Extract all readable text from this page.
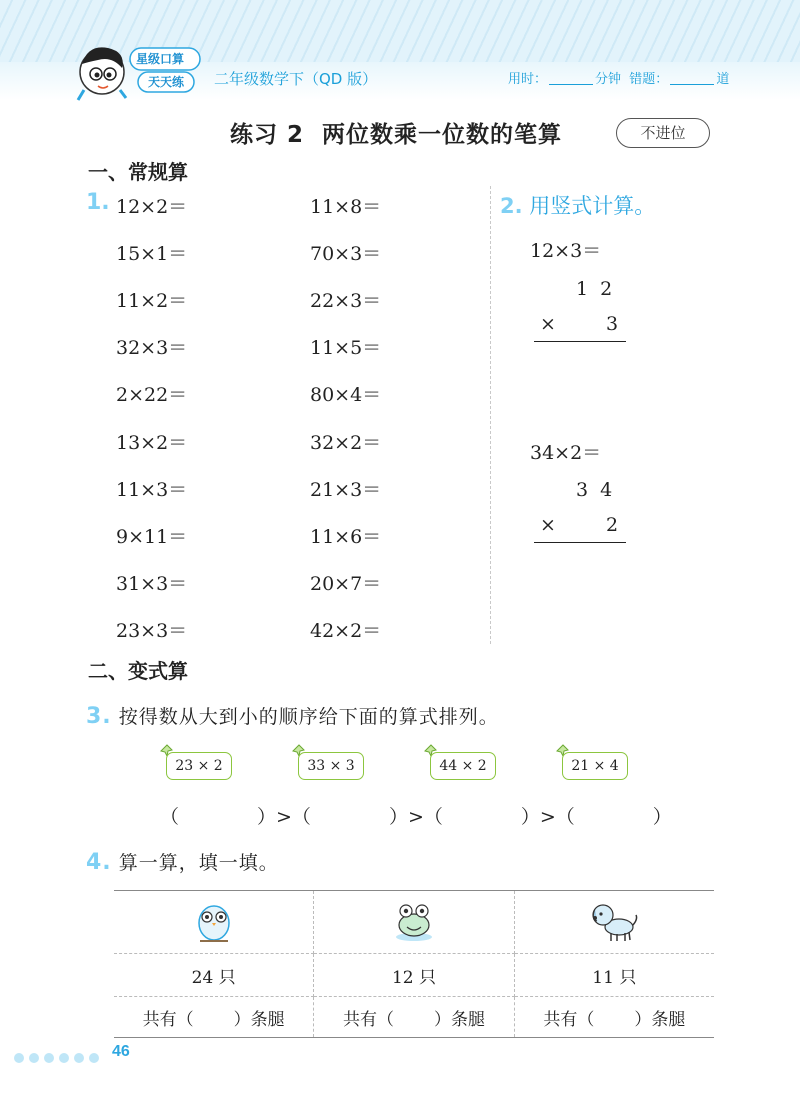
星级口算
天天练 二年级数学下（QD 版）	用时：	分钟 错题：	道
练习 2 两位数乘一位数的笔算	不进位
一、常规算
1. 12×2＝
15×1＝
11×2＝
32×3＝
2×22＝
13×2＝
11×3＝
9×11＝
31×3＝
23×3＝
11×8＝
70×3＝
22×3＝
11×5＝
80×4＝
32×2＝
21×3＝
11×6＝
20×7＝
42×2＝
2. 用竖式计算。
12×3＝
1  2
×	3
34×2＝
3  4
×	2
二、变式算
3. 按得数从大到小的顺序给下面的算式排列。
23 × 2	33 × 3	44 × 2	21 × 4
（	）>（	）>（	）>（	）
4. 算一算，填一填。

24 只	12 只	11 只
共有（ ）条腿	共有（ ）条腿	共有（ ）条腿
46
